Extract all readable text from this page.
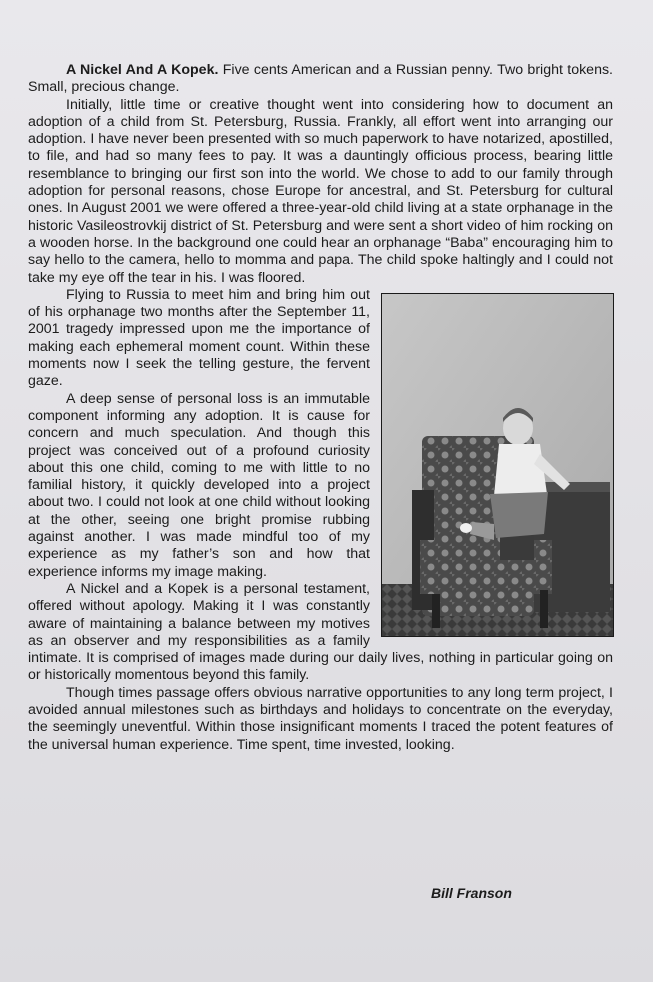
A Nickel And A Kopek. Five cents American and a Russian penny. Two bright tokens. Small, precious change.

Initially, little time or creative thought went into considering how to document an adoption of a child from St. Petersburg, Russia. Frankly, all effort went into arranging our adoption. I have never been presented with so much paperwork to have notarized, apostilled, to file, and had so many fees to pay. It was a dauntingly officious process, bearing little resemblance to bringing our first son into the world. We chose to add to our family through adoption for personal reasons, chose Europe for ancestral, and St. Petersburg for cultural ones. In August 2001 we were offered a three-year-old child living at a state orphanage in the historic Vasileostrovkij district of St. Petersburg and were sent a short video of him rocking on a wooden horse. In the background one could hear an orphanage “Baba” encouraging him to say hello to the camera, hello to momma and papa. The child spoke haltingly and I could not take my eye off the tear in his. I was floored.

Flying to Russia to meet him and bring him out of his orphanage two months after the September 11, 2001 tragedy impressed upon me the importance of making each ephemeral moment count. Within these moments now I seek the telling gesture, the fervent gaze.

A deep sense of personal loss is an immutable component informing any adoption. It is cause for concern and much speculation. And though this project was conceived out of a profound curiosity about this one child, coming to me with little to no familial history, it quickly developed into a project about two. I could not look at one child without looking at the other, seeing one bright promise rubbing against another. I was made mindful too of my experience as my father’s son and how that experience informs my image making.

A Nickel and a Kopek is a personal testament, offered without apology. Making it I was constantly aware of maintaining a balance between my motives as an observer and my responsibilities as a family intimate. It is comprised of images made during our daily lives, nothing in particular going on or historically momentous beyond this family.

Though times passage offers obvious narrative opportunities to any long term project, I avoided annual milestones such as birthdays and holidays to concentrate on the everyday, the seemingly uneventful. Within those insignificant moments I traced the potent features of the universal human experience. Time spent, time invested, looking.

Bill Franson
